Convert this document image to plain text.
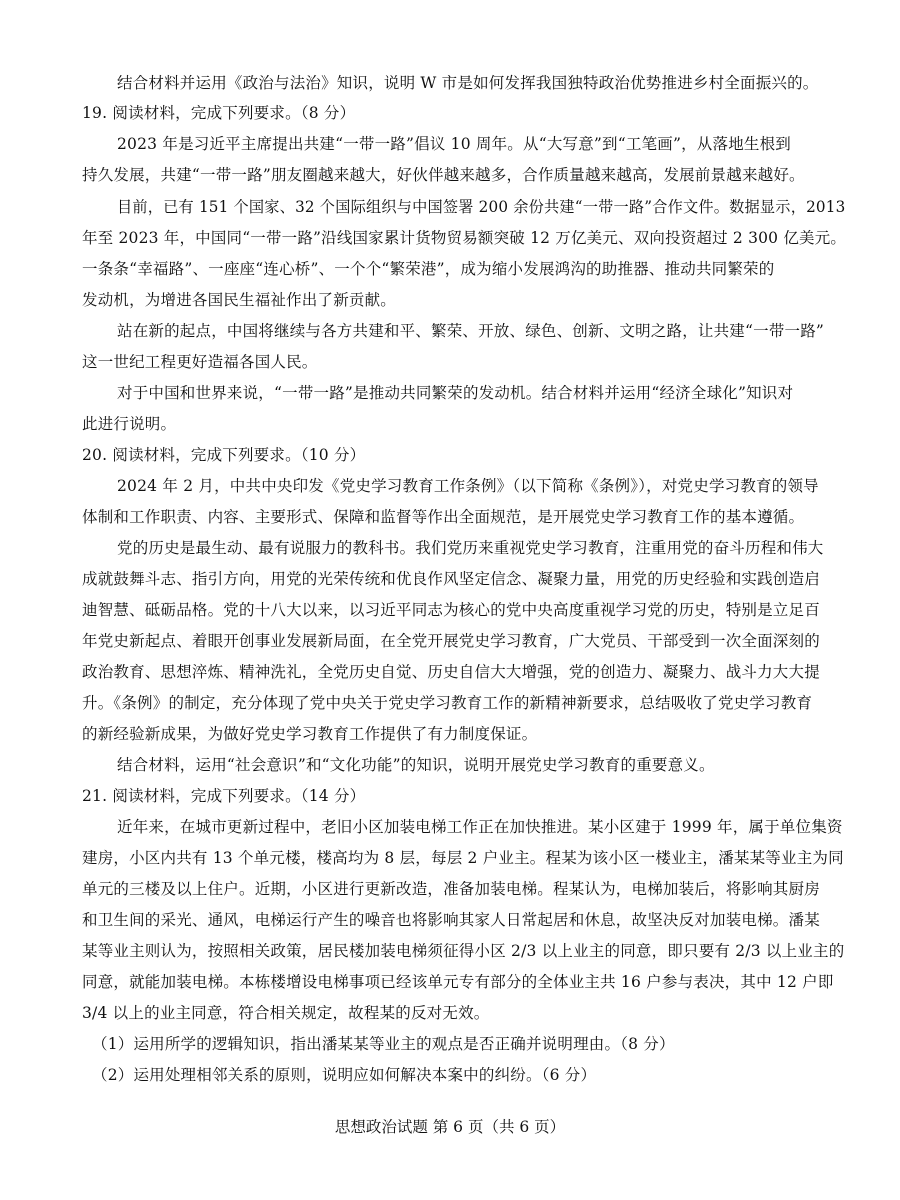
结合材料并运用《政治与法治》知识，说明 W 市是如何发挥我国独特政治优势推进乡村全面振兴的。
19. 阅读材料，完成下列要求。（8 分）
2023 年是习近平主席提出共建“一带一路”倡议 10 周年。从“大写意”到“工笔画”，从落地生根到
持久发展，共建“一带一路”朋友圈越来越大，好伙伴越来越多，合作质量越来越高，发展前景越来越好。
目前，已有 151 个国家、32 个国际组织与中国签署 200 余份共建“一带一路”合作文件。数据显示，2013
年至 2023 年，中国同“一带一路”沿线国家累计货物贸易额突破 12 万亿美元、双向投资超过 2 300 亿美元。
一条条“幸福路”、一座座“连心桥”、一个个“繁荣港”，成为缩小发展鸿沟的助推器、推动共同繁荣的
发动机，为增进各国民生福祉作出了新贡献。
站在新的起点，中国将继续与各方共建和平、繁荣、开放、绿色、创新、文明之路，让共建“一带一路”
这一世纪工程更好造福各国人民。
对于中国和世界来说，“一带一路”是推动共同繁荣的发动机。结合材料并运用“经济全球化”知识对
此进行说明。
20. 阅读材料，完成下列要求。（10 分）
2024 年 2 月，中共中央印发《党史学习教育工作条例》（以下简称《条例》），对党史学习教育的领导
体制和工作职责、内容、主要形式、保障和监督等作出全面规范，是开展党史学习教育工作的基本遵循。
党的历史是最生动、最有说服力的教科书。我们党历来重视党史学习教育，注重用党的奋斗历程和伟大
成就鼓舞斗志、指引方向，用党的光荣传统和优良作风坚定信念、凝聚力量，用党的历史经验和实践创造启
迪智慧、砥砺品格。党的十八大以来，以习近平同志为核心的党中央高度重视学习党的历史，特别是立足百
年党史新起点、着眼开创事业发展新局面，在全党开展党史学习教育，广大党员、干部受到一次全面深刻的
政治教育、思想淬炼、精神洗礼，全党历史自觉、历史自信大大增强，党的创造力、凝聚力、战斗力大大提
升。《条例》的制定，充分体现了党中央关于党史学习教育工作的新精神新要求，总结吸收了党史学习教育
的新经验新成果，为做好党史学习教育工作提供了有力制度保证。
结合材料，运用“社会意识”和“文化功能”的知识，说明开展党史学习教育的重要意义。
21. 阅读材料，完成下列要求。（14 分）
近年来，在城市更新过程中，老旧小区加装电梯工作正在加快推进。某小区建于 1999 年，属于单位集资
建房，小区内共有 13 个单元楼，楼高均为 8 层，每层 2 户业主。程某为该小区一楼业主，潘某某等业主为同
单元的三楼及以上住户。近期，小区进行更新改造，准备加装电梯。程某认为，电梯加装后，将影响其厨房
和卫生间的采光、通风，电梯运行产生的噪音也将影响其家人日常起居和休息，故坚决反对加装电梯。潘某
某等业主则认为，按照相关政策，居民楼加装电梯须征得小区 2/3 以上业主的同意，即只要有 2/3 以上业主的
同意，就能加装电梯。本栋楼增设电梯事项已经该单元专有部分的全体业主共 16 户参与表决，其中 12 户即
3/4 以上的业主同意，符合相关规定，故程某的反对无效。
（1）运用所学的逻辑知识，指出潘某某等业主的观点是否正确并说明理由。（8 分）
（2）运用处理相邻关系的原则，说明应如何解决本案中的纠纷。（6 分）
思想政治试题 第 6 页（共 6 页）
